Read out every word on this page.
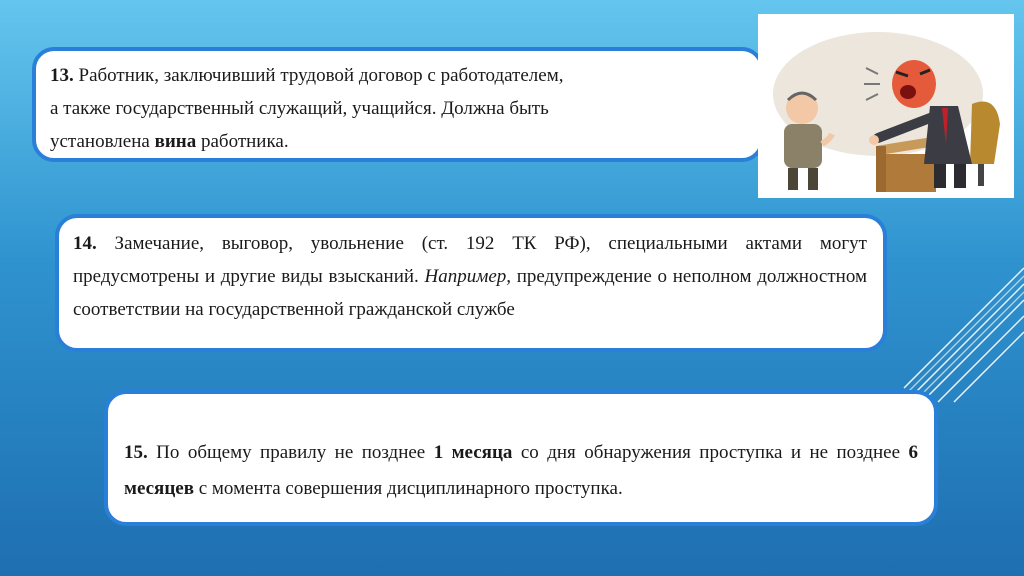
13. Работник, заключивший трудовой договор с работодателем,
а также государственный служащий, учащийся. Должна быть
установлена вина работника.

14. Замечание, выговор, увольнение (ст. 192 ТК РФ), специальными актами могут предусмотрены и другие виды взысканий. Например, предупреждение о неполном должностном соответствии на государственной гражданской службе

15. По общему правилу не позднее 1 месяца со дня обнаружения проступка и не позднее 6 месяцев с момента совершения дисциплинарного проступка.
